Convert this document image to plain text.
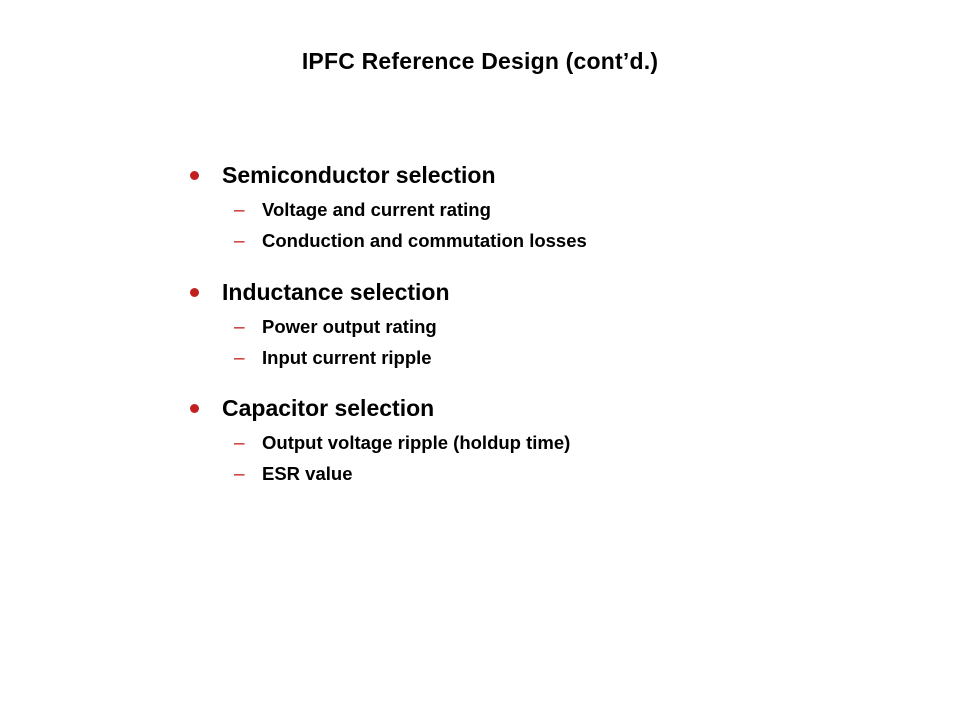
IPFC Reference Design (cont’d.)
Semiconductor selection
– Voltage and current rating
– Conduction and commutation losses
Inductance selection
– Power output rating
– Input current ripple
Capacitor selection
– Output voltage ripple (holdup time)
– ESR value
